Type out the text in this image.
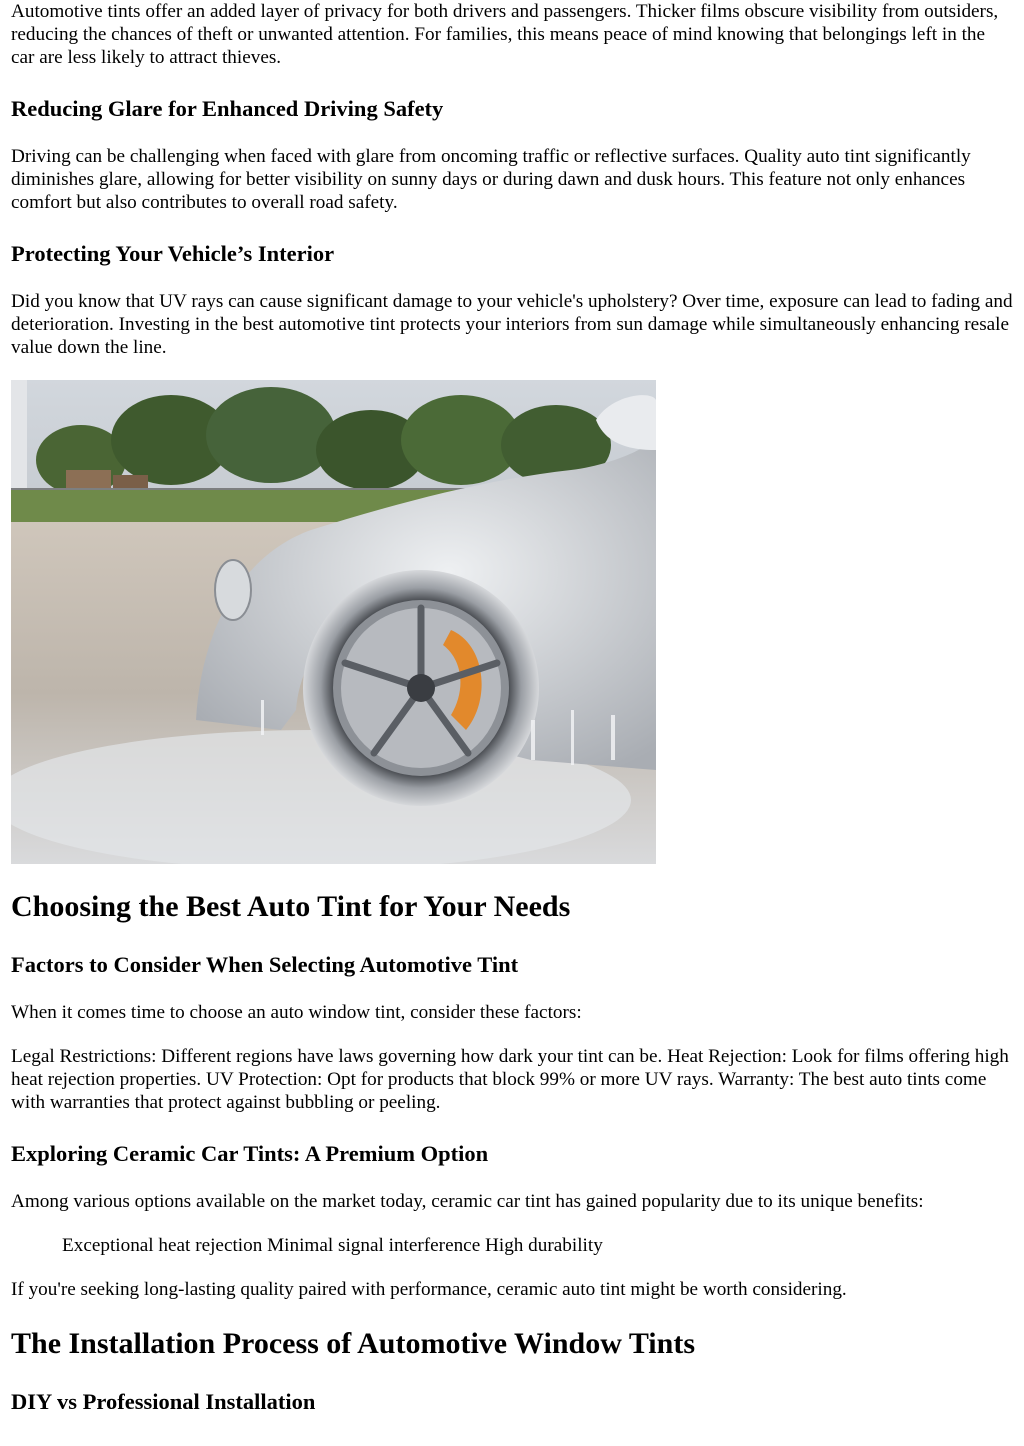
Automotive tints offer an added layer of privacy for both drivers and passengers. Thicker films obscure visibility from outsiders, reducing the chances of theft or unwanted attention. For families, this means peace of mind knowing that belongings left in the car are less likely to attract thieves.

Reducing Glare for Enhanced Driving Safety

Driving can be challenging when faced with glare from oncoming traffic or reflective surfaces. Quality auto tint significantly diminishes glare, allowing for better visibility on sunny days or during dawn and dusk hours. This feature not only enhances comfort but also contributes to overall road safety.

Protecting Your Vehicle’s Interior

Did you know that UV rays can cause significant damage to your vehicle's upholstery? Over time, exposure can lead to fading and deterioration. Investing in the best automotive tint protects your interiors from sun damage while simultaneously enhancing resale value down the line.

Choosing the Best Auto Tint for Your Needs
Factors to Consider When Selecting Automotive Tint

When it comes time to choose an auto window tint, consider these factors:

Legal Restrictions: Different regions have laws governing how dark your tint can be. Heat Rejection: Look for films offering high heat rejection properties. UV Protection: Opt for products that block 99% or more UV rays. Warranty: The best auto tints come with warranties that protect against bubbling or peeling.

Exploring Ceramic Car Tints: A Premium Option

Among various options available on the market today, ceramic car tint has gained popularity due to its unique benefits:

Exceptional heat rejection Minimal signal interference High durability

If you're seeking long-lasting quality paired with performance, ceramic auto tint might be worth considering.

The Installation Process of Automotive Window Tints
DIY vs Professional Installation
